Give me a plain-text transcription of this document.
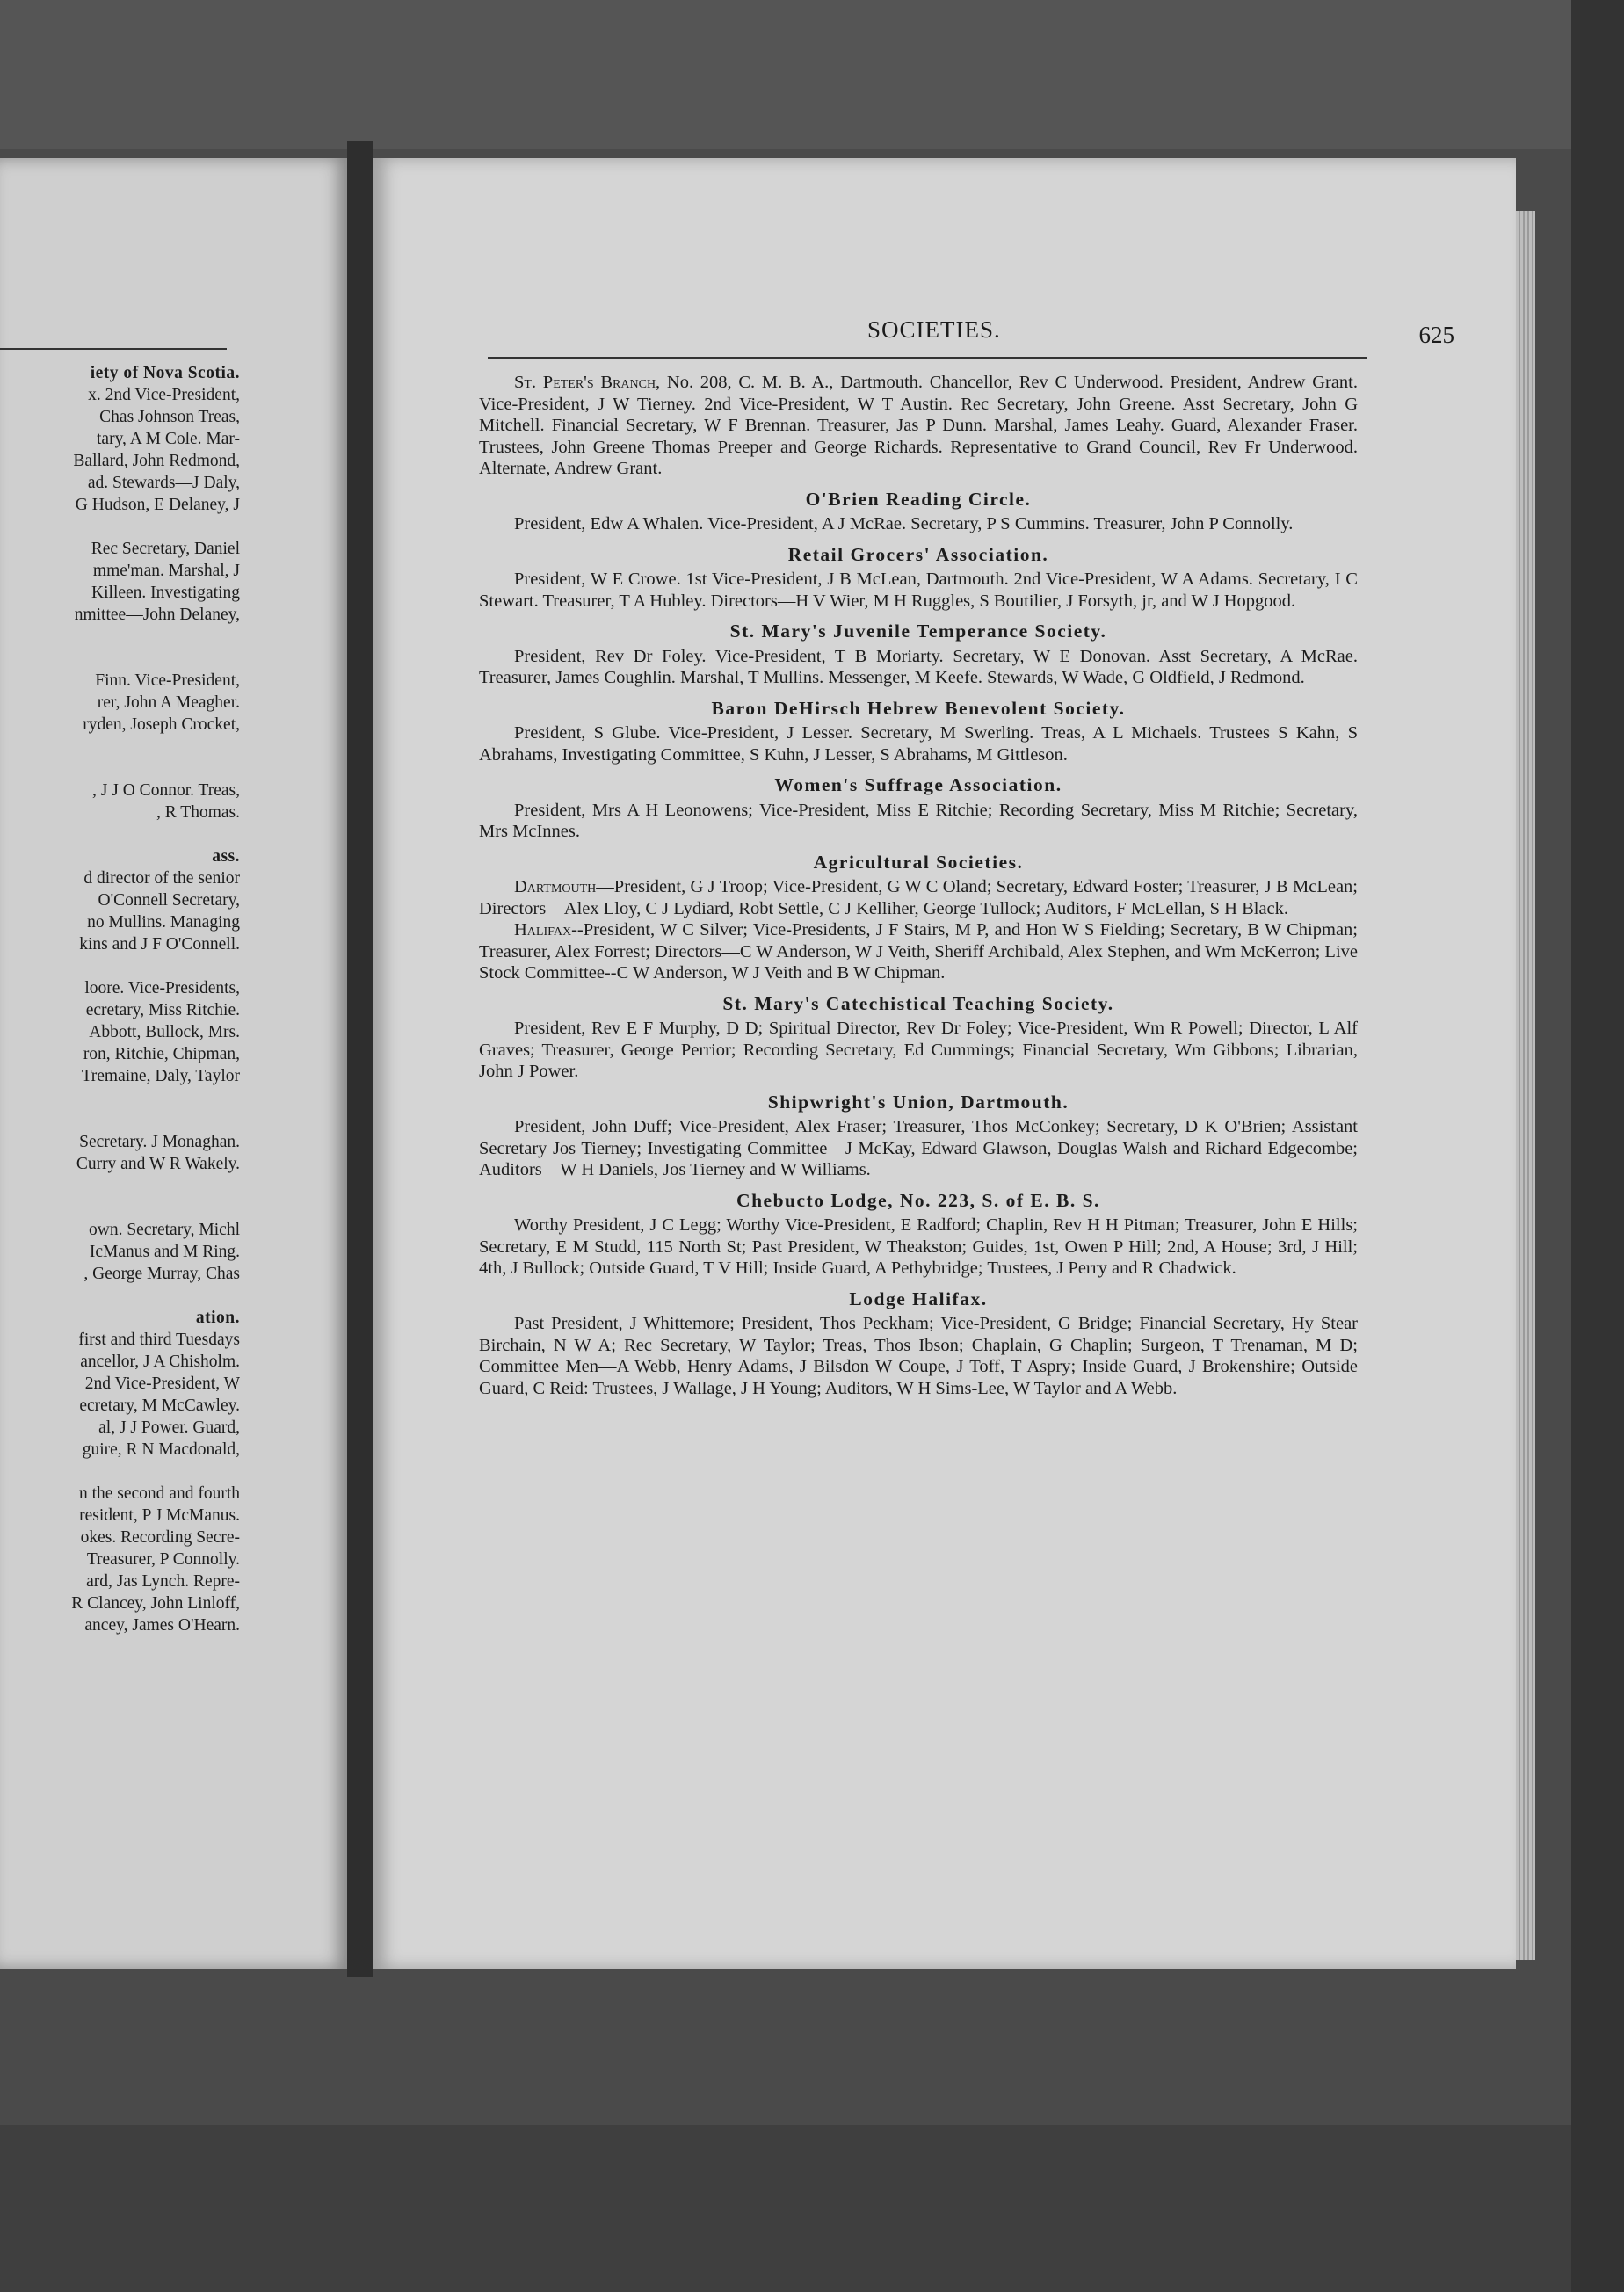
iety of Nova Scotia.
x. 2nd Vice-President,
Chas Johnson Treas,
tary, A M Cole. Mar-
Ballard, John Redmond,
ad. Stewards—J Daly,
G Hudson, E Delaney, J
Rec Secretary, Daniel
mme'man. Marshal, J
Killeen. Investigating
nmittee—John Delaney,
Finn. Vice-President,
rer, John A Meagher.
ryden, Joseph Crocket,
, J J O Connor. Treas,
, R Thomas.
ass.
d director of the senior
O'Connell Secretary,
no Mullins. Managing
kins and J F O'Connell.
loore. Vice-Presidents,
ecretary, Miss Ritchie.
Abbott, Bullock, Mrs.
ron, Ritchie, Chipman,
Tremaine, Daly, Taylor
Secretary. J Monaghan.
Curry and W R Wakely.
own. Secretary, Michl
IcManus and M Ring.
, George Murray, Chas
ation.
first and third Tuesdays
ancellor, J A Chisholm.
2nd Vice-President, W
ecretary, M McCawley.
al, J J Power. Guard,
guire, R N Macdonald,
n the second and fourth
resident, P J McManus.
okes. Recording Secre-
Treasurer, P Connolly.
ard, Jas Lynch. Repre-
R Clancey, John Linloff,
ancey, James O'Hearn.
SOCIETIES.	625

St. Peter's Branch, No. 208, C. M. B. A., Dartmouth. Chancellor, Rev C Underwood. President, Andrew Grant. Vice-President, J W Tierney. 2nd Vice-President, W T Austin. Rec Secretary, John Greene. Asst Secretary, John G Mitchell. Financial Secretary, W F Brennan. Treasurer, Jas P Dunn. Marshal, James Leahy. Guard, Alexander Fraser. Trustees, John Greene Thomas Preeper and George Richards. Representative to Grand Council, Rev Fr Underwood. Alternate, Andrew Grant.

O'Brien Reading Circle.

President, Edw A Whalen. Vice-President, A J McRae. Secretary, P S Cummins. Treasurer, John P Connolly.

Retail Grocers' Association.

President, W E Crowe. 1st Vice-President, J B McLean, Dartmouth. 2nd Vice-President, W A Adams. Secretary, I C Stewart. Treasurer, T A Hubley. Directors—H V Wier, M H Ruggles, S Boutilier, J Forsyth, jr, and W J Hopgood.

St. Mary's Juvenile Temperance Society.

President, Rev Dr Foley. Vice-President, T B Moriarty. Secretary, W E Donovan. Asst Secretary, A McRae. Treasurer, James Coughlin. Marshal, T Mullins. Messenger, M Keefe. Stewards, W Wade, G Oldfield, J Redmond.

Baron DeHirsch Hebrew Benevolent Society.

President, S Glube. Vice-President, J Lesser. Secretary, M Swerling. Treas, A L Michaels. Trustees S Kahn, S Abrahams, Investigating Committee, S Kuhn, J Lesser, S Abrahams, M Gittleson.

Women's Suffrage Association.

President, Mrs A H Leonowens; Vice-President, Miss E Ritchie; Recording Secretary, Miss M Ritchie; Secretary, Mrs McInnes.

Agricultural Societies.

Dartmouth—President, G J Troop; Vice-President, G W C Oland; Secretary, Edward Foster; Treasurer, J B McLean; Directors—Alex Lloy, C J Lydiard, Robt Settle, C J Kelliher, George Tullock; Auditors, F McLellan, S H Black.

Halifax--President, W C Silver; Vice-Presidents, J F Stairs, M P, and Hon W S Fielding; Secretary, B W Chipman; Treasurer, Alex Forrest; Directors—C W Anderson, W J Veith, Sheriff Archibald, Alex Stephen, and Wm McKerron; Live Stock Committee--C W Anderson, W J Veith and B W Chipman.

St. Mary's Catechistical Teaching Society.

President, Rev E F Murphy, D D; Spiritual Director, Rev Dr Foley; Vice-President, Wm R Powell; Director, L Alf Graves; Treasurer, George Perrior; Recording Secretary, Ed Cummings; Financial Secretary, Wm Gibbons; Librarian, John J Power.

Shipwright's Union, Dartmouth.

President, John Duff; Vice-President, Alex Fraser; Treasurer, Thos McConkey; Secretary, D K O'Brien; Assistant Secretary Jos Tierney; Investigating Committee—J McKay, Edward Glawson, Douglas Walsh and Richard Edgecombe; Auditors—W H Daniels, Jos Tierney and W Williams.

Chebucto Lodge, No. 223, S. of E. B. S.

Worthy President, J C Legg; Worthy Vice-President, E Radford; Chaplin, Rev H H Pitman; Treasurer, John E Hills; Secretary, E M Studd, 115 North St; Past President, W Theakston; Guides, 1st, Owen P Hill; 2nd, A House; 3rd, J Hill; 4th, J Bullock; Outside Guard, T V Hill; Inside Guard, A Pethybridge; Trustees, J Perry and R Chadwick.

Lodge Halifax.

Past President, J Whittemore; President, Thos Peckham; Vice-President, G Bridge; Financial Secretary, Hy Stear Birchain, N W A; Rec Secretary, W Taylor; Treas, Thos Ibson; Chaplain, G Chaplin; Surgeon, T Trenaman, M D; Committee Men—A Webb, Henry Adams, J Bilsdon W Coupe, J Toff, T Aspry; Inside Guard, J Brokenshire; Outside Guard, C Reid: Trustees, J Wallage, J H Young; Auditors, W H Sims-Lee, W Taylor and A Webb.
